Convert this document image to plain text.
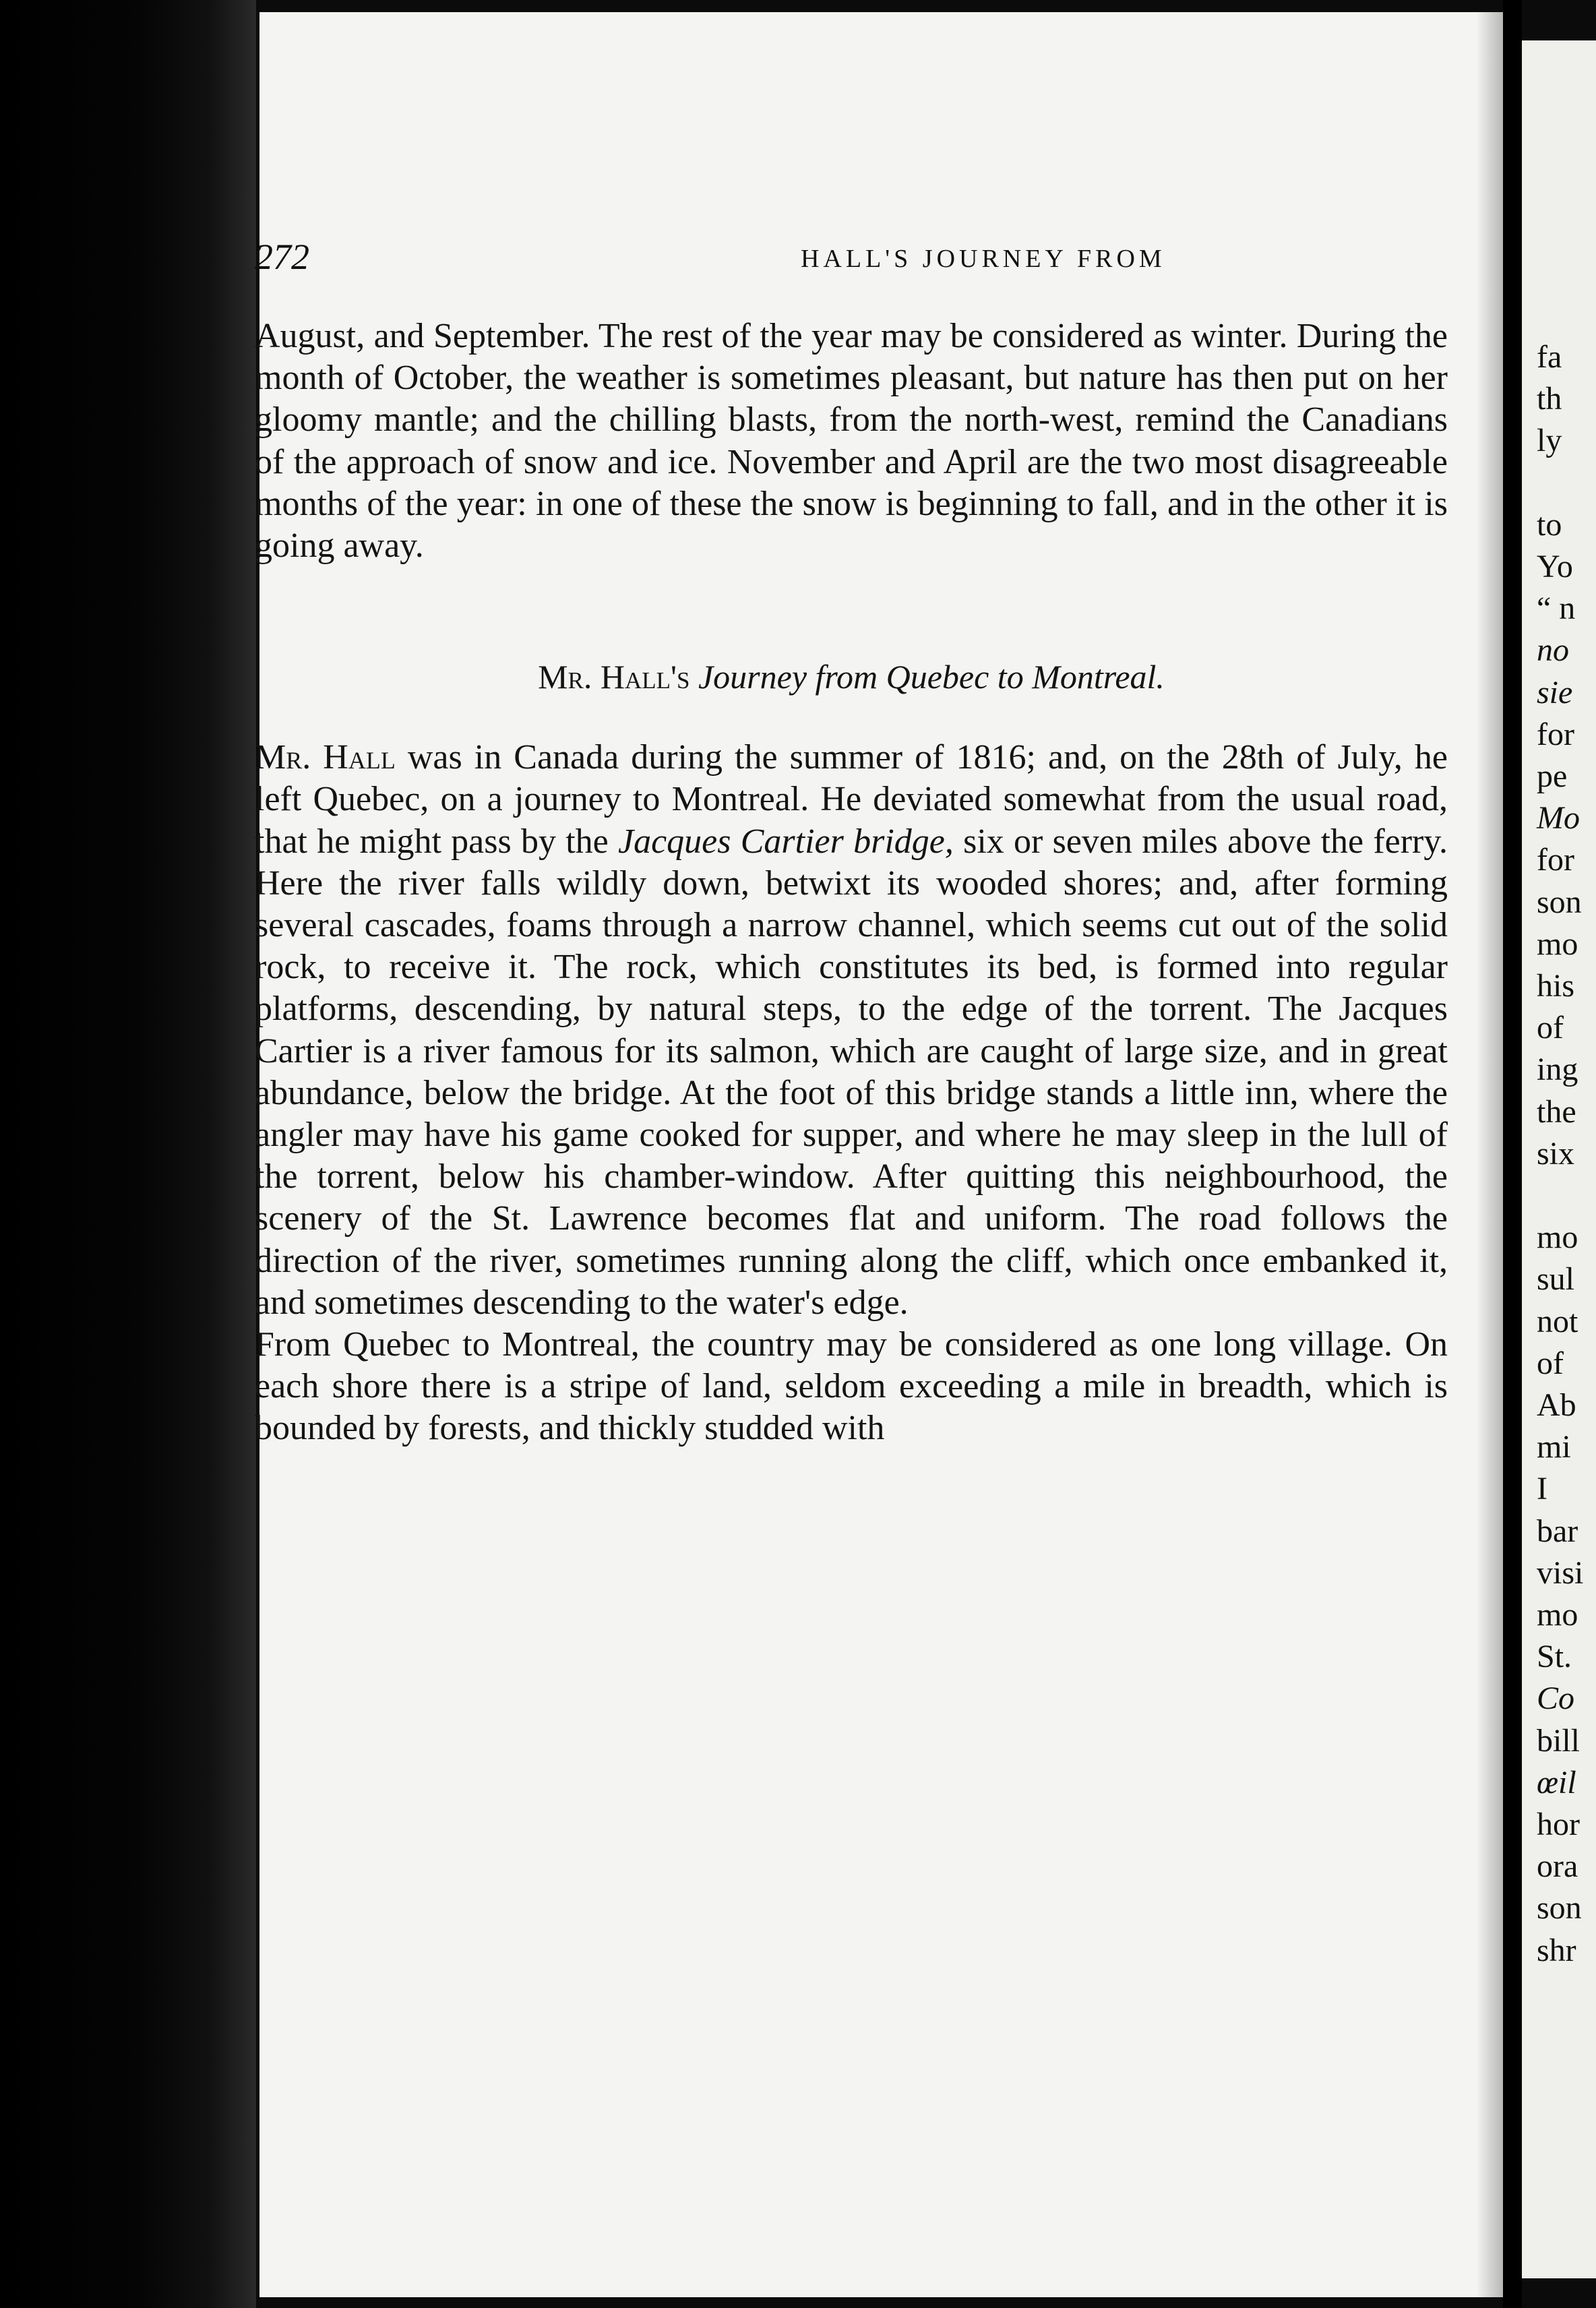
fa
th
ly
to
Yo
“ n
no
sie
for
pe
Mo
for
son
mo
his
of
ing
the
six
mo
sul
not
of
Ab
mi
I
bar
visi
mo
St.
Co
bill
œil
hor
ora
son
shr
272	HALL'S JOURNEY FROM

August, and September. The rest of the year may be considered as winter. During the month of October, the weather is sometimes pleasant, but nature has then put on her gloomy mantle; and the chilling blasts, from the north-west, remind the Canadians of the approach of snow and ice. November and April are the two most disagreeable months of the year: in one of these the snow is beginning to fall, and in the other it is going away.

Mr. Hall's Journey from Quebec to Montreal.

Mr. Hall was in Canada during the summer of 1816; and, on the 28th of July, he left Quebec, on a journey to Montreal. He deviated somewhat from the usual road, that he might pass by the Jacques Cartier bridge, six or seven miles above the ferry. Here the river falls wildly down, betwixt its wooded shores; and, after forming several cascades, foams through a narrow channel, which seems cut out of the solid rock, to receive it. The rock, which constitutes its bed, is formed into regular platforms, descending, by natural steps, to the edge of the torrent. The Jacques Cartier is a river famous for its salmon, which are caught of large size, and in great abundance, below the bridge. At the foot of this bridge stands a little inn, where the angler may have his game cooked for supper, and where he may sleep in the lull of the torrent, below his chamber-window. After quitting this neighbourhood, the scenery of the St. Lawrence becomes flat and uniform. The road follows the direction of the river, sometimes running along the cliff, which once embanked it, and sometimes descending to the water's edge.

From Quebec to Montreal, the country may be considered as one long village. On each shore there is a stripe of land, seldom exceeding a mile in breadth, which is bounded by forests, and thickly studded with
